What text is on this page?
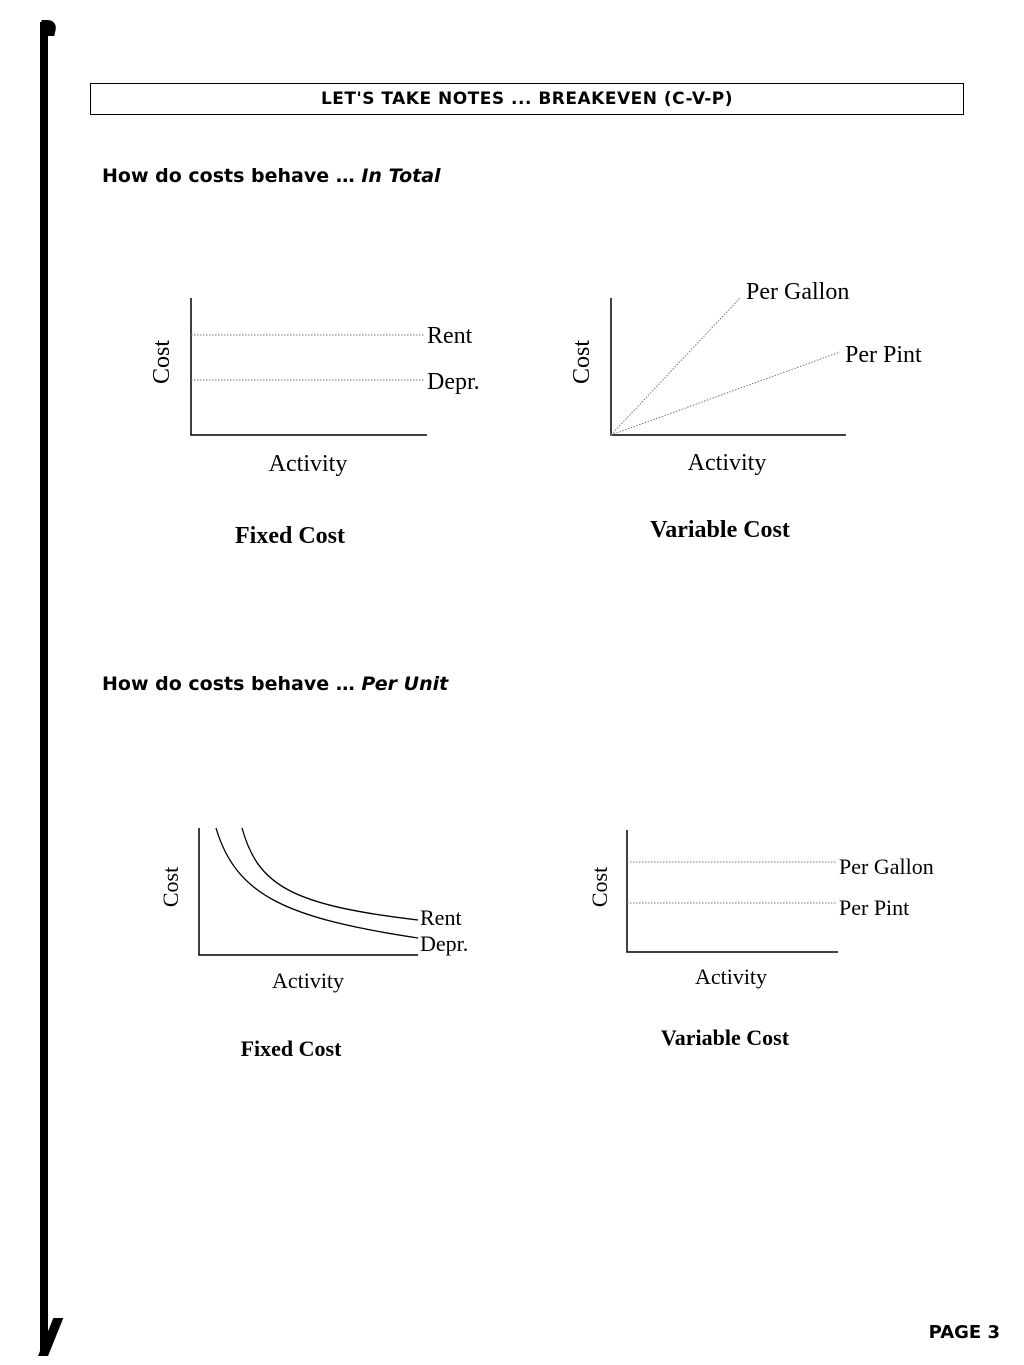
LET'S TAKE NOTES ... BREAKEVEN (C-V-P)
How do costs behave … In Total
How do costs behave … Per Unit
Rent
Depr.
Cost
Activity
Fixed Cost
Per Gallon
Per Pint
Cost
Activity
Variable Cost
Rent
Depr.
Cost
Activity
Fixed Cost
Per Gallon
Per Pint
Cost
Activity
Variable Cost
PAGE 3
